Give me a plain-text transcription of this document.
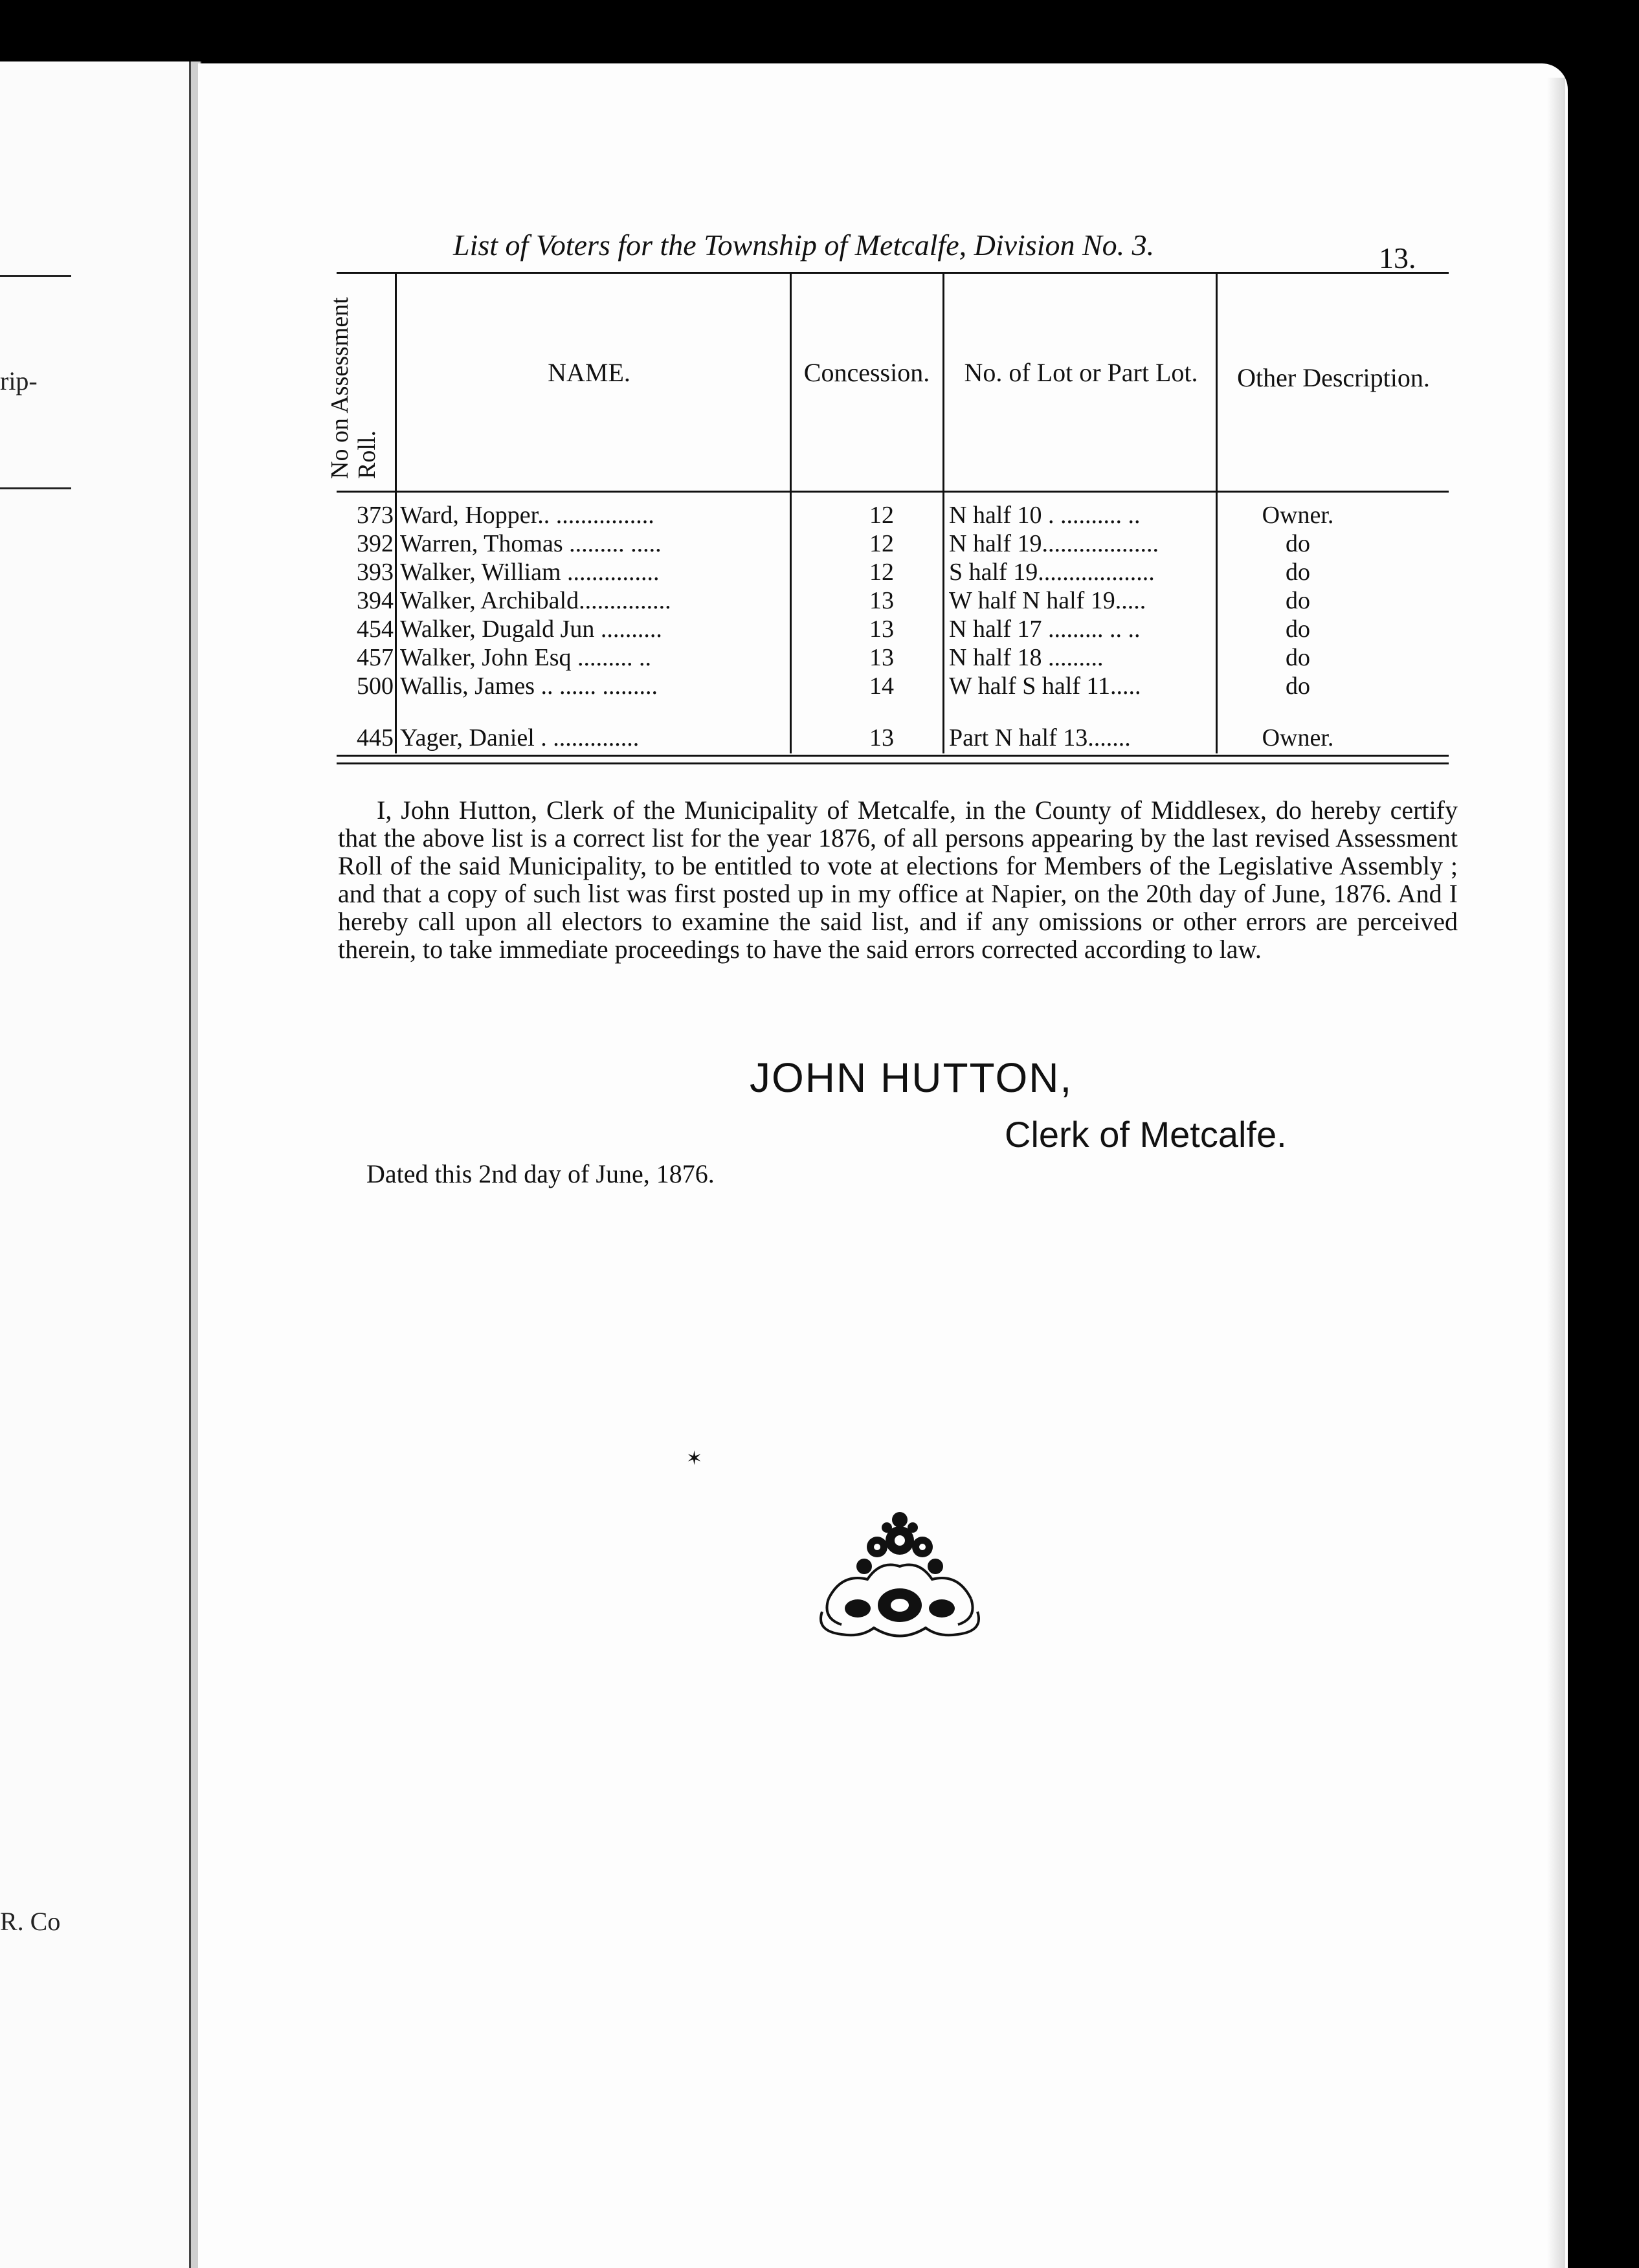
rip-
R. Co
List of Voters for the Township of Metcalfe, Division No. 3.	13.
No on Assessment Roll.
NAME.	Concession.	No. of Lot or Part Lot.	Other Description.
373 Ward, Hopper.. ................	12	N half 10 . .......... ..	Owner.
392 Warren, Thomas ......... .....	12	N half 19...................	do
393 Walker, William ...............	12	S half 19...................	do
394 Walker, Archibald...............	13	W half N half 19.....	do
454 Walker, Dugald Jun ..........	13	N half 17 ......... .. ..	do
457 Walker, John Esq ......... ..	13	N half 18 .........	do
500 Wallis, James .. ...... .........	14	W half S half 11.....	do
445 Yager, Daniel . ..............	13	Part N half 13.......	Owner.
I, John Hutton, Clerk of the Municipality of Metcalfe, in the County of Middlesex, do hereby certify that the above list is a correct list for the year 1876, of all persons appearing by the last revised Assessment Roll of the said Municipality, to be entitled to vote at elections for Members of the Legislative Assembly ; and that a copy of such list was first posted up in my office at Napier, on the 20th day of June, 1876. And I hereby call upon all electors to examine the said list, and if any omissions or other errors are perceived therein, to take immediate proceedings to have the said errors corrected according to law.
JOHN HUTTON,
Clerk of Metcalfe.
Dated this 2nd day of June, 1876.
✶
